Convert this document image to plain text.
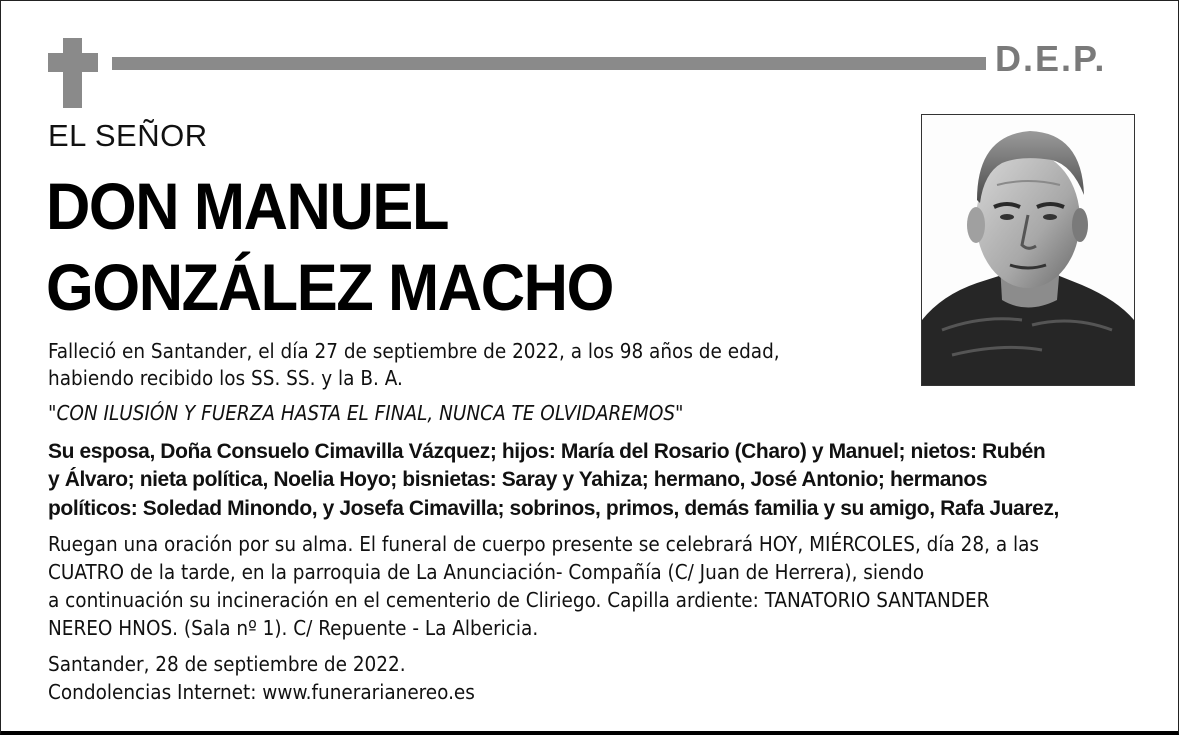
D.E.P.
EL SEÑOR
DON MANUEL
GONZÁLEZ MACHO
Falleció en Santander, el día 27 de septiembre de 2022, a los 98 años de edad,
habiendo recibido los SS. SS. y la B. A.
"CON ILUSIÓN Y FUERZA HASTA EL FINAL, NUNCA TE OLVIDAREMOS"
Su esposa, Doña Consuelo Cimavilla Vázquez; hijos: María del Rosario (Charo) y Manuel; nietos: Rubén
y Álvaro; nieta política, Noelia Hoyo; bisnietas: Saray y Yahiza; hermano, José Antonio; hermanos
políticos: Soledad Minondo, y Josefa Cimavilla; sobrinos, primos, demás familia y su amigo, Rafa Juarez,
Ruegan una oración por su alma. El funeral de cuerpo presente se celebrará HOY, MIÉRCOLES, día 28, a las
CUATRO de la tarde, en la parroquia de La Anunciación- Compañía (C/ Juan de Herrera), siendo
a continuación su incineración en el cementerio de Cliriego. Capilla ardiente: TANATORIO SANTANDER
NEREO HNOS. (Sala nº 1). C/ Repuente - La Albericia.
Santander, 28 de septiembre de 2022.
Condolencias Internet: www.funerarianereo.es
